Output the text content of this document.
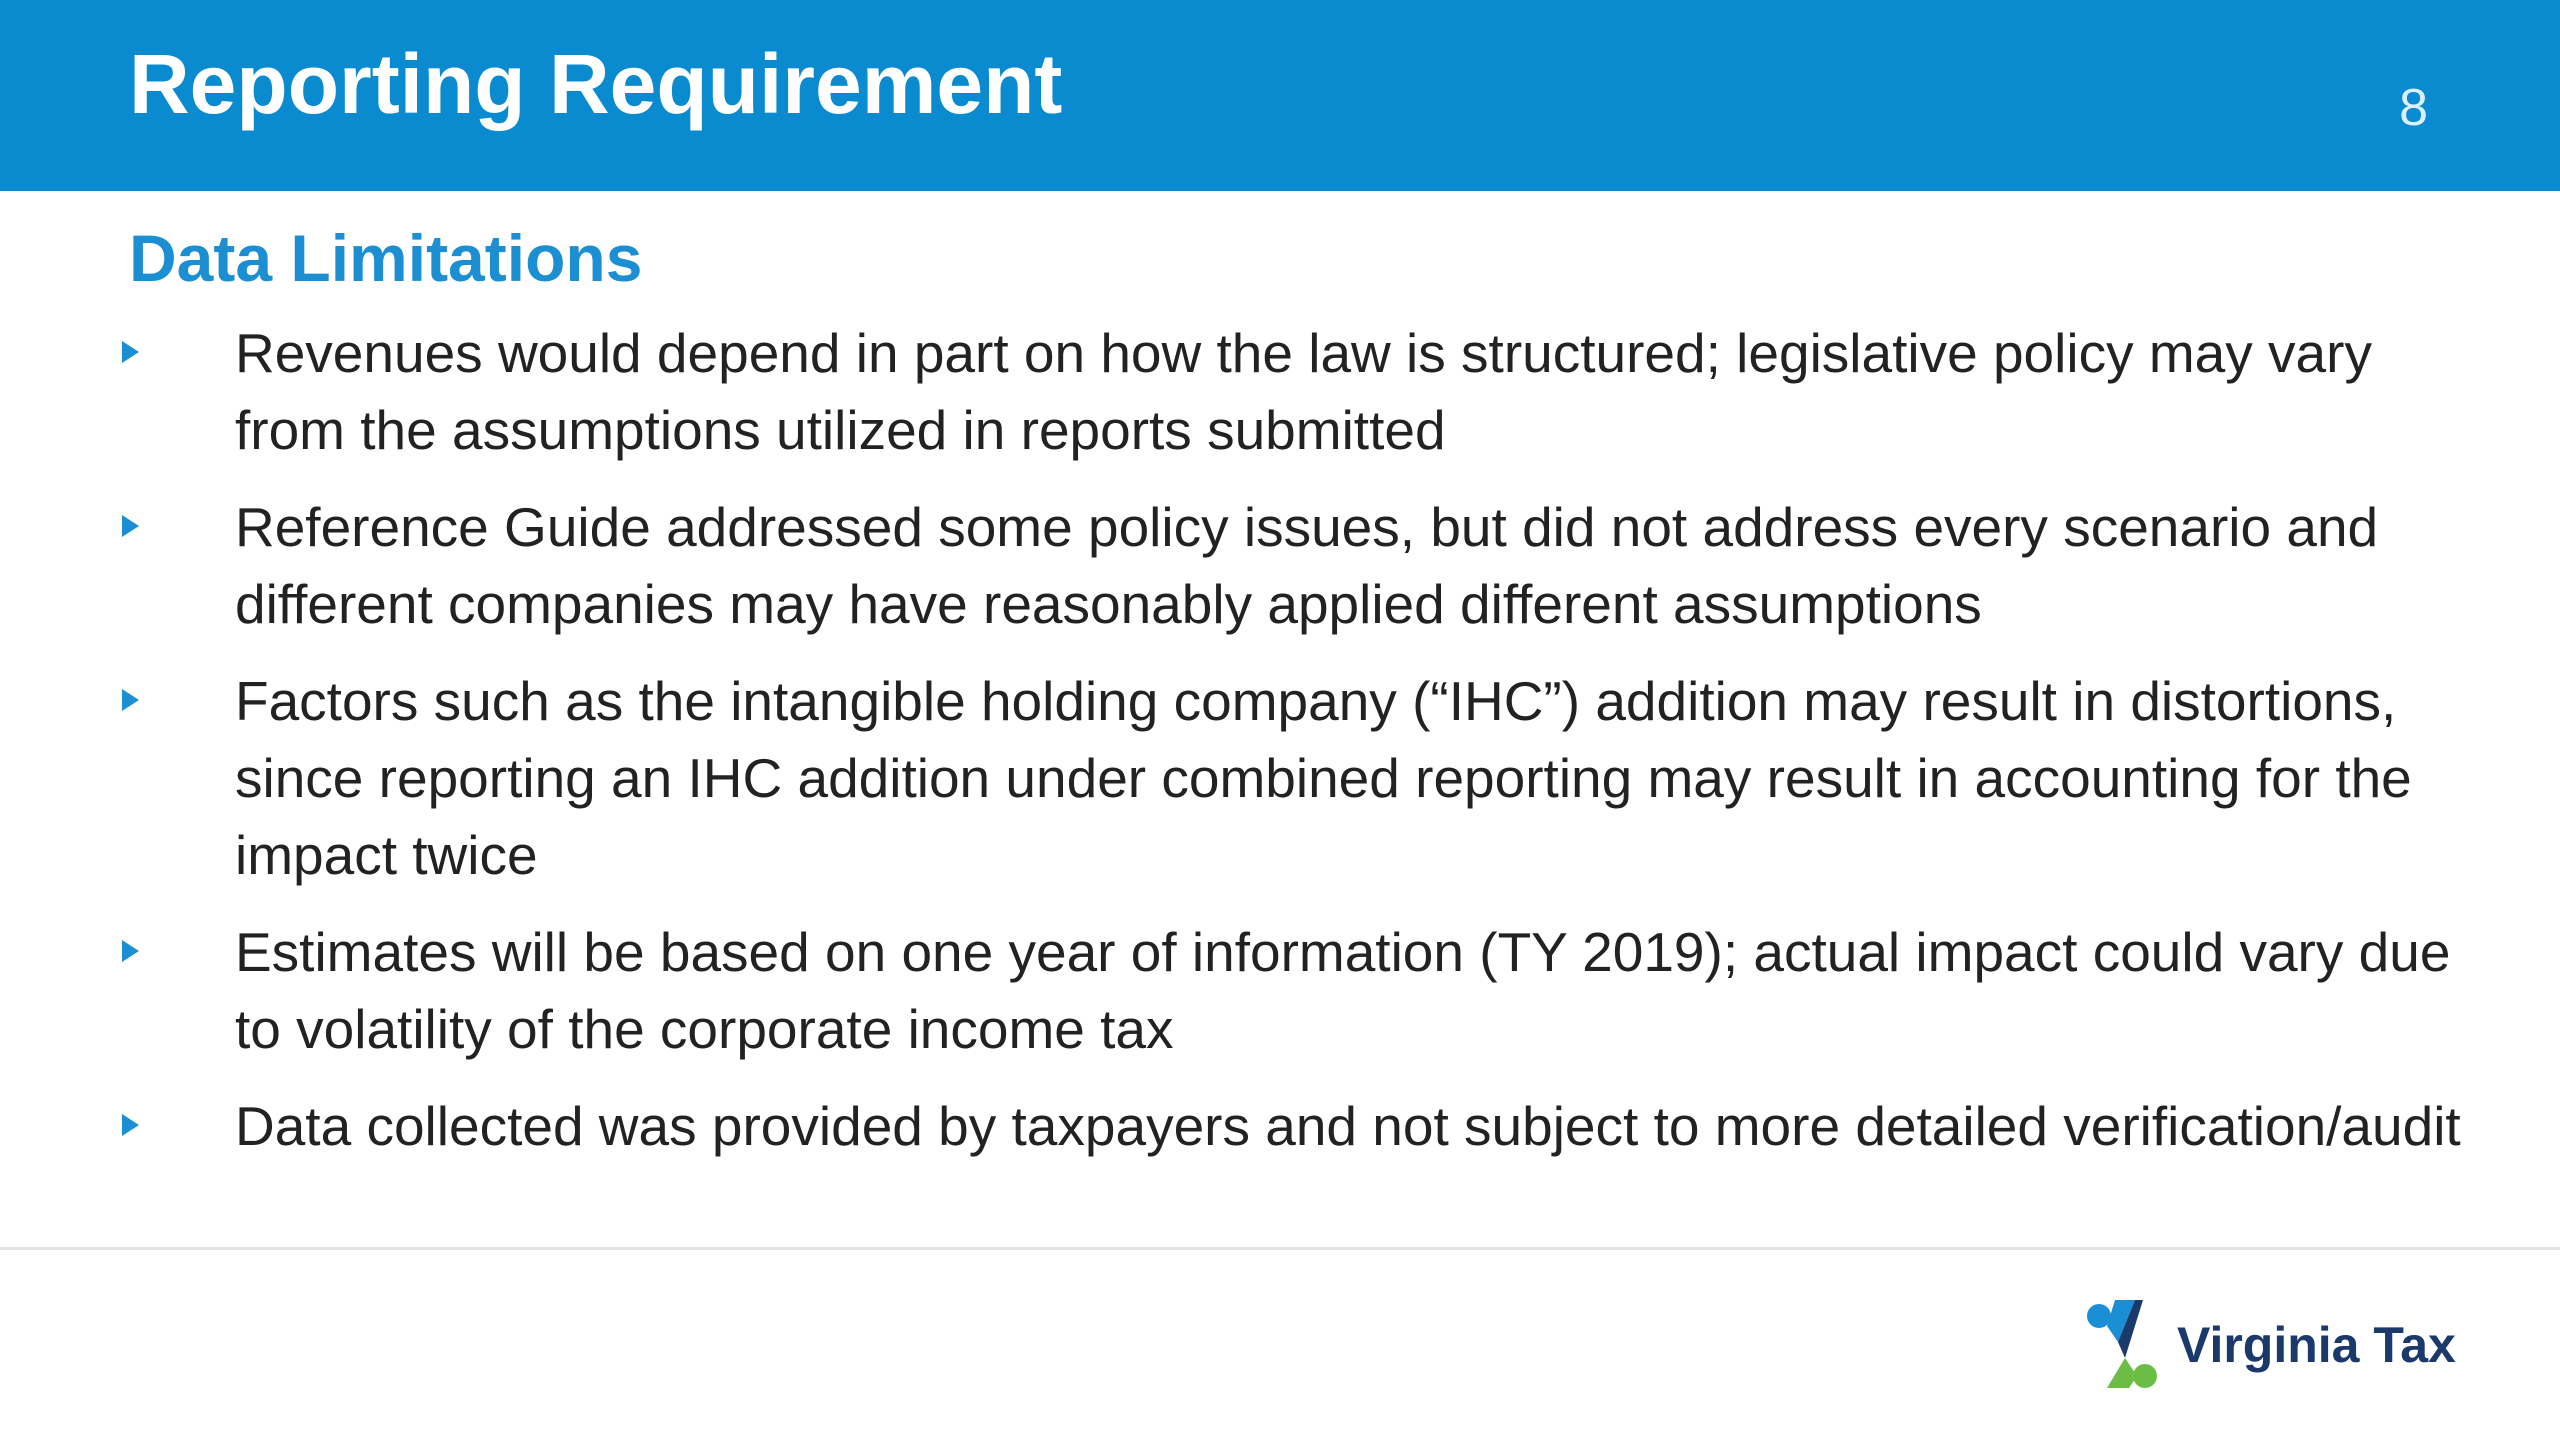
Reporting Requirement	8
Data Limitations
Revenues would depend in part on how the law is structured; legislative policy may vary from the assumptions utilized in reports submitted
Reference Guide addressed some policy issues, but did not address every scenario and different companies may have reasonably applied different assumptions
Factors such as the intangible holding company (“IHC”) addition may result in distortions, since reporting an IHC addition under combined reporting may result in accounting for the impact twice
Estimates will be based on one year of information (TY 2019); actual impact could vary due to volatility of the corporate income tax
Data collected was provided by taxpayers and not subject to more detailed verification/audit
Virginia Tax
